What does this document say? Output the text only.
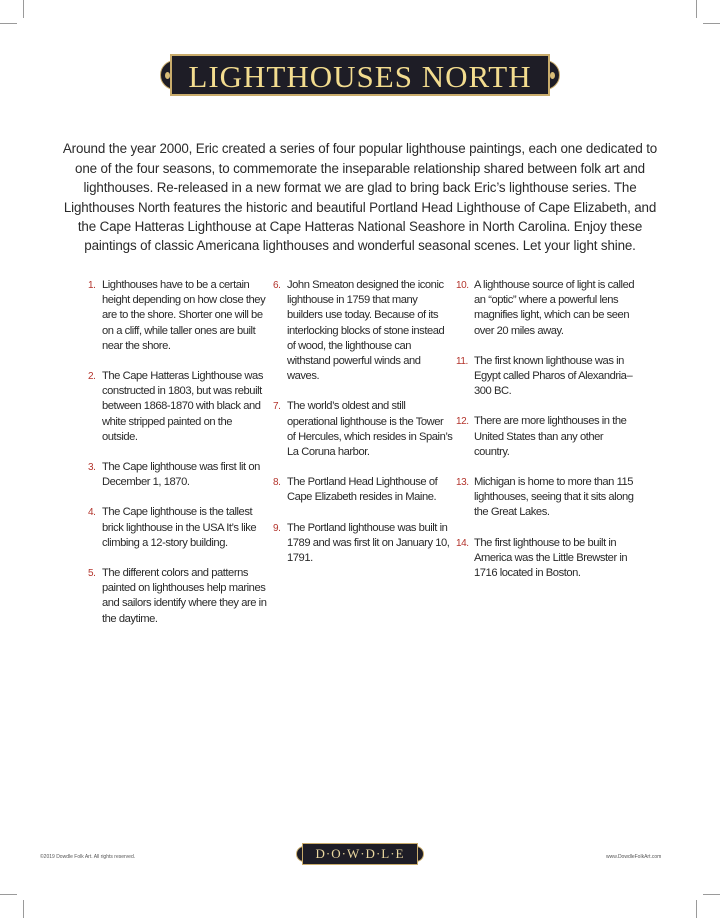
LIGHTHOUSES NORTH

Around the year 2000, Eric created a series of four popular lighthouse paintings, each one dedicated to one of the four seasons, to commemorate the inseparable relationship shared between folk art and lighthouses. Re-released in a new format we are glad to bring back Eric’s lighthouse series. The Lighthouses North features the historic and beautiful Portland Head Lighthouse of Cape Elizabeth, and the Cape Hatteras Lighthouse at Cape Hatteras National Seashore in North Carolina. Enjoy these paintings of classic Americana lighthouses and wonderful seasonal scenes. Let your light shine.

1. Lighthouses have to be a certain height depending on how close they are to the shore. Shorter one will be on a cliff, while taller ones are built near the shore.
2. The Cape Hatteras Lighthouse was constructed in 1803, but was rebuilt between 1868-1870 with black and white stripped painted on the outside.
3. The Cape lighthouse was first lit on December 1, 1870.
4. The Cape lighthouse is the tallest brick lighthouse in the USA It’s like climbing a 12-story building.
5. The different colors and patterns painted on lighthouses help marines and sailors identify where they are in the daytime.
6. John Smeaton designed the iconic lighthouse in 1759 that many builders use today. Because of its interlocking blocks of stone instead of wood, the lighthouse can withstand powerful winds and waves.
7. The world’s oldest and still operational lighthouse is the Tower of Hercules, which resides in Spain’s La Coruna harbor.
8. The Portland Head Lighthouse of Cape Elizabeth resides in Maine.
9. The Portland lighthouse was built in 1789 and was first lit on January 10, 1791.
10. A lighthouse source of light is called an “optic” where a powerful lens magnifies light, which can be seen over 20 miles away.
11. The first known lighthouse was in Egypt called Pharos of Alexandria–300 BC.
12. There are more lighthouses in the United States than any other country.
13. Michigan is home to more than 115 lighthouses, seeing that it sits along the Great Lakes.
14. The first lighthouse to be built in America was the Little Brewster in 1716 located in Boston.
©2019 Dowdle Folk Art. All rights reserved.	D·O·W·D·L·E	www.DowdleFolkArt.com
